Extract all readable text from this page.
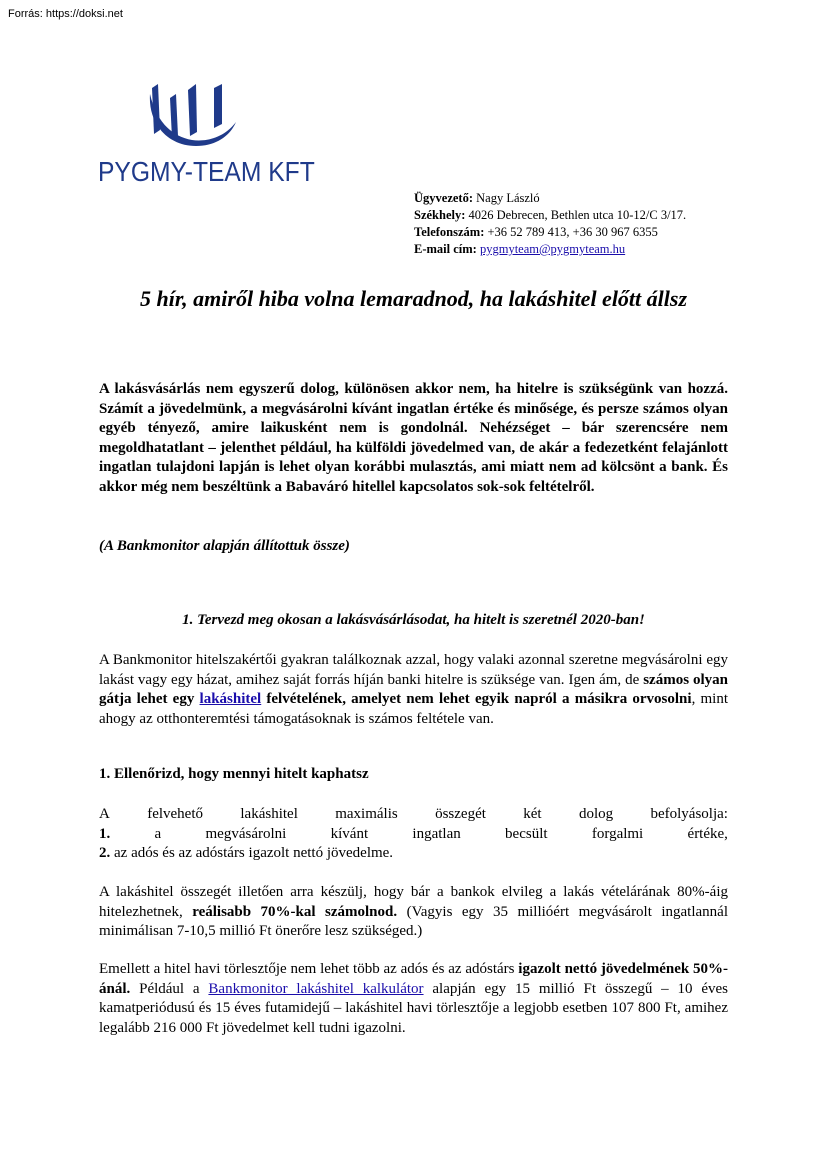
Forrás: https://doksi.net
PYGMY-TEAM KFT
Ügyvezető: Nagy László
Székhely: 4026 Debrecen, Bethlen utca 10-12/C 3/17.
Telefonszám: +36 52 789 413, +36 30 967 6355
E-mail cím: pygmyteam@pygmyteam.hu
5 hír, amiről hiba volna lemaradnod, ha lakáshitel előtt állsz

A lakásvásárlás nem egyszerű dolog, különösen akkor nem, ha hitelre is szükségünk van hozzá. Számít a jövedelmünk, a megvásárolni kívánt ingatlan értéke és minősége, és persze számos olyan egyéb tényező, amire laikusként nem is gondolnál. Nehézséget – bár szerencsére nem megoldhatatlant – jelenthet például, ha külföldi jövedelmed van, de akár a fedezetként felajánlott ingatlan tulajdoni lapján is lehet olyan korábbi mulasztás, ami miatt nem ad kölcsönt a bank. És akkor még nem beszéltünk a Babaváró hitellel kapcsolatos sok-sok feltételről.

(A Bankmonitor alapján állítottuk össze)

1. Tervezd meg okosan a lakásvásárlásodat, ha hitelt is szeretnél 2020-ban!

A Bankmonitor hitelszakértői gyakran találkoznak azzal, hogy valaki azonnal szeretne megvásárolni egy lakást vagy egy házat, amihez saját forrás híján banki hitelre is szüksége van. Igen ám, de számos olyan gátja lehet egy lakáshitel felvételének, amelyet nem lehet egyik napról a másikra orvosolni, mint ahogy az otthonteremtési támogatásoknak is számos feltétele van.

1. Ellenőrizd, hogy mennyi hitelt kaphatsz

A felvehető lakáshitel maximális összegét két dolog befolyásolja:
1.	a	megvásárolni	kívánt	ingatlan	becsült	forgalmi	értéke,
2. az adós és az adóstárs igazolt nettó jövedelme.

A lakáshitel összegét illetően arra készülj, hogy bár a bankok elvileg a lakás vételárának 80%-áig hitelezhetnek, reálisabb 70%-kal számolnod. (Vagyis egy 35 millióért megvásárolt ingatlannál minimálisan 7-10,5 millió Ft önerőre lesz szükséged.)

Emellett a hitel havi törlesztője nem lehet több az adós és az adóstárs igazolt nettó jövedelmének 50%-ánál. Például a Bankmonitor lakáshitel kalkulátor alapján egy 15 millió Ft összegű – 10 éves kamatperiódusú és 15 éves futamidejű – lakáshitel havi törlesztője a legjobb esetben 107 800 Ft, amihez legalább 216 000 Ft jövedelmet kell tudni igazolni.
